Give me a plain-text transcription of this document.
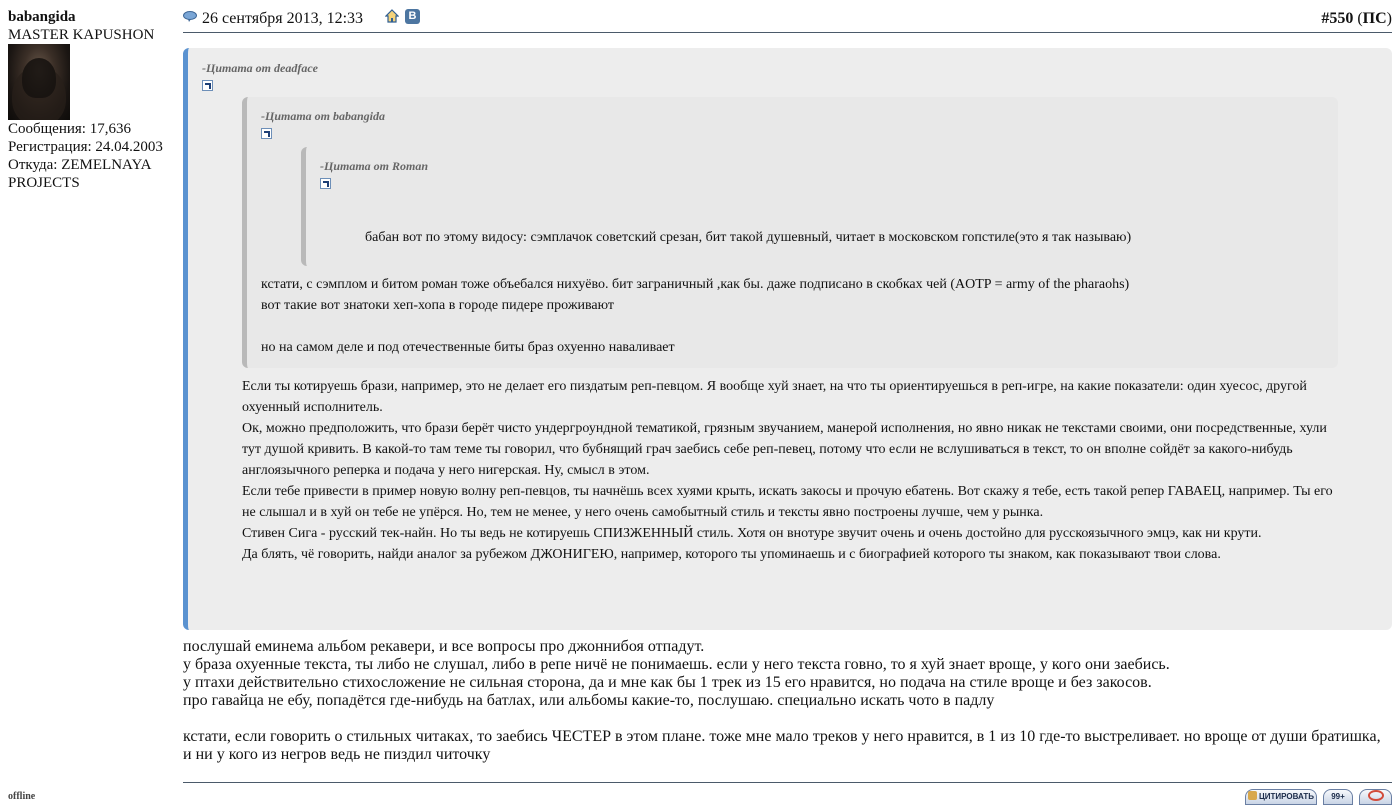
babangida
MASTER KAPUSHON
Сообщения: 17,636
Регистрация: 24.04.2003
Откуда: ZEMELNAYA
PROJECTS
offline
26 сентября 2013, 12:33	В	#550 (ПС)
-Цитата от deadface
-Цитата от babangida
-Цитата от Roman
бабан вот по этому видосу: сэмплачок советский срезан, бит такой душевный, читает в московском гопстиле(это я так называю)
кстати, с сэмплом и битом роман тоже объебался нихуёво. бит заграничный ,как бы. даже подписано в скобках чей (AOTP = army of the pharaohs)
вот такие вот знатоки хеп-хопа в городе пидере проживают
но на самом деле и под отечественные биты браз охуенно наваливает
Если ты котируешь брази, например, это не делает его пиздатым реп-певцом. Я вообще хуй знает, на что ты ориентируешься в реп-игре, на какие показатели: один хуесос, другой охуенный исполнитель.
Ок, можно предположить, что брази берёт чисто ундергроундной тематикой, грязным звучанием, манерой исполнения, но явно никак не текстами своими, они посредственные, хули тут душой кривить. В какой-то там теме ты говорил, что бубнящий грач заебись себе реп-певец, потому что если не вслушиваться в текст, то он вполне сойдёт за какого-нибудь англоязычного реперка и подача у него нигерская. Ну, смысл в этом.
Если тебе привести в пример новую волну реп-певцов, ты начнёшь всех хуями крыть, искать закосы и прочую ебатень. Вот скажу я тебе, есть такой репер ГАВАЕЦ, например. Ты его не слышал и в хуй он тебе не упёрся. Но, тем не менее, у него очень самобытный стиль и тексты явно построены лучше, чем у рынка.
Стивен Сига - русский тек-найн. Но ты ведь не котируешь СПИЗЖЕННЫЙ стиль. Хотя он внотуре звучит очень и очень достойно для русскоязычного эмцэ, как ни крути.
Да блять, чё говорить, найди аналог за рубежом ДЖОНИГЕЮ, например, которого ты упоминаешь и с биографией которого ты знаком, как показывают твои слова.
послушай еминема альбом рекавери, и все вопросы про джоннибоя отпадут.
у браза охуенные текста, ты либо не слушал, либо в репе ничё не понимаешь. если у него текста говно, то я хуй знает вроще, у кого они заебись.
у птахи действительно стихосложение не сильная сторона, да и мне как бы 1 трек из 15 его нравится, но подача на стиле вроще и без закосов.
про гавайца не ебу, попадётся где-нибудь на батлах, или альбомы какие-то, послушаю. специально искать чото в падлу
кстати, если говорить о стильных читаках, то заебись ЧЕСТЕР в этом плане. тоже мне мало треков у него нравится, в 1 из 10 где-то выстреливает. но вроще от души братишка, и ни у кого из негров ведь не пиздил читочку
ЦИТИРОВАТЬ	99+
